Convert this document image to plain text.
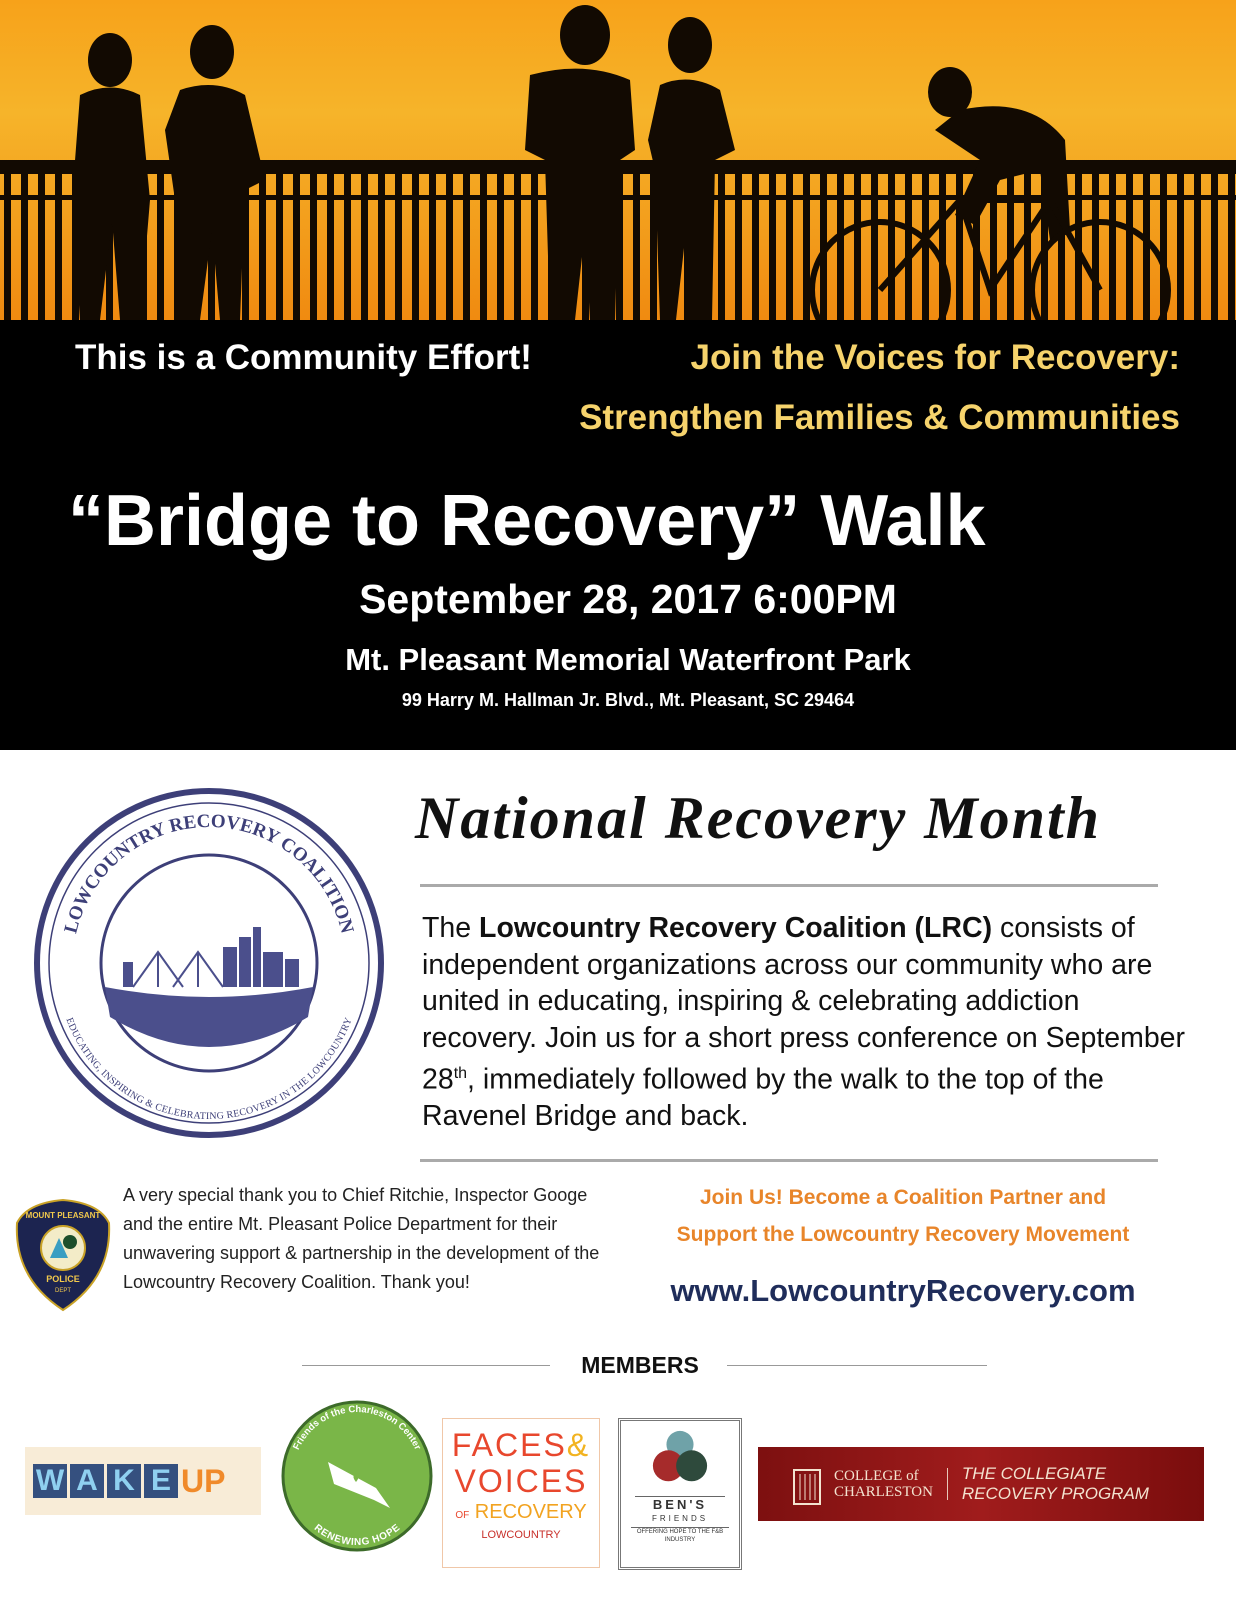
This is a Community Effort!	Join the Voices for Recovery:
Strengthen Families & Communities
“Bridge to Recovery” Walk
September 28, 2017 6:00PM
Mt. Pleasant Memorial Waterfront Park
99 Harry M. Hallman Jr. Blvd., Mt. Pleasant, SC 29464
LOWCOUNTRY RECOVERY COALITION
EDUCATING, INSPIRING & CELEBRATING RECOVERY IN THE LOWCOUNTRY
National Recovery Month
The Lowcountry Recovery Coalition (LRC) consists of independent organizations across our community who are united in educating, inspiring & celebrating addiction recovery. Join us for a short press conference on September 28th, immediately followed by the walk to the top of the Ravenel Bridge and back.
MOUNT PLEASANT
POLICE
DEPT
A very special thank you to Chief Ritchie, Inspector Googe and the entire Mt. Pleasant Police Department for their unwavering support & partnership in the development of the Lowcountry Recovery Coalition. Thank you!
Join Us! Become a Coalition Partner and
Support the Lowcountry Recovery Movement
www.LowcountryRecovery.com
MEMBERS
W A K E UP
Friends of the Charleston Center
RENEWING HOPE
FACES&
VOICES
OF RECOVERY
LOWCOUNTRY
BEN'S
FRIENDS
OFFERING HOPE TO THE F&B INDUSTRY
COLLEGE of
CHARLESTON
THE COLLEGIATE
RECOVERY PROGRAM
